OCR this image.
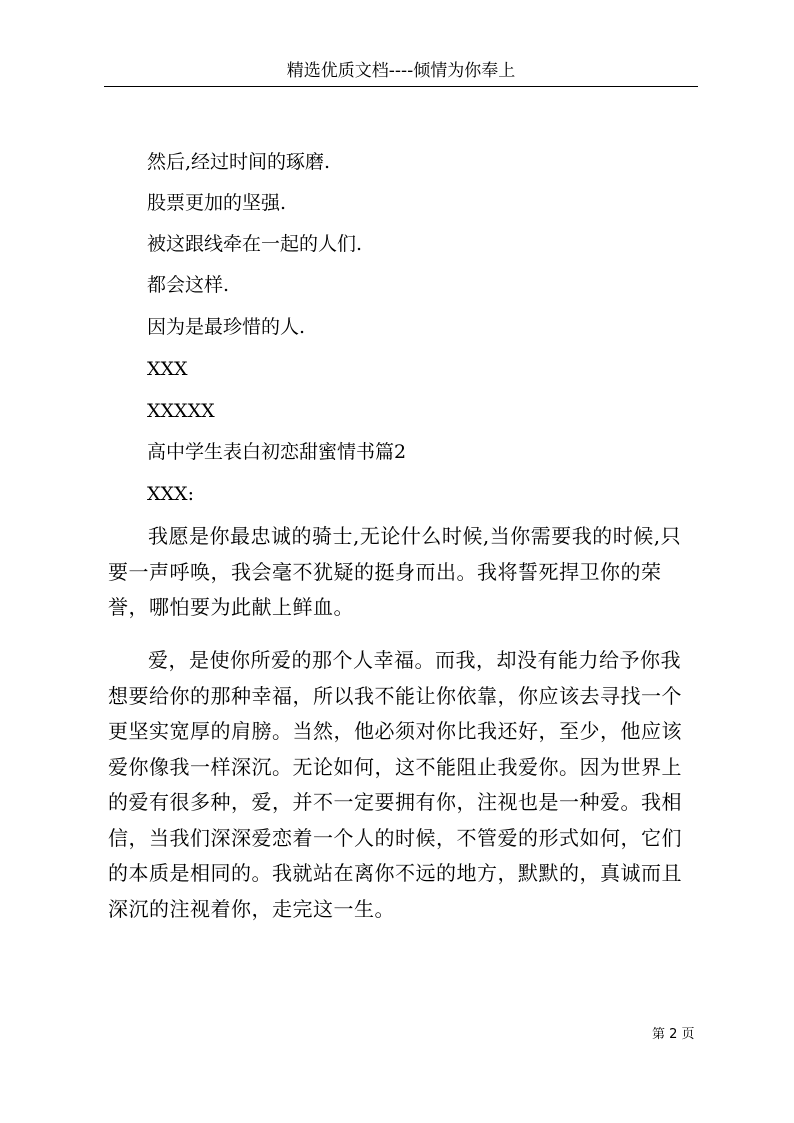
精选优质文档----倾情为你奉上
然后,经过时间的琢磨.
股票更加的坚强.
被这跟线牵在一起的人们.
都会这样.
因为是最珍惜的人.
XXX
XXXXX
高中学生表白初恋甜蜜情书篇2
XXX:
我愿是你最忠诚的骑士,无论什么时候,当你需要我的时候,只要一声呼唤，我会毫不犹疑的挺身而出。我将誓死捍卫你的荣誉，哪怕要为此献上鲜血。
爱，是使你所爱的那个人幸福。而我，却没有能力给予你我想要给你的那种幸福，所以我不能让你依靠，你应该去寻找一个更坚实宽厚的肩膀。当然，他必须对你比我还好，至少，他应该爱你像我一样深沉。无论如何，这不能阻止我爱你。因为世界上的爱有很多种，爱，并不一定要拥有你，注视也是一种爱。我相信，当我们深深爱恋着一个人的时候，不管爱的形式如何，它们的本质是相同的。我就站在离你不远的地方，默默的，真诚而且深沉的注视着你，走完这一生。
第 2 页
